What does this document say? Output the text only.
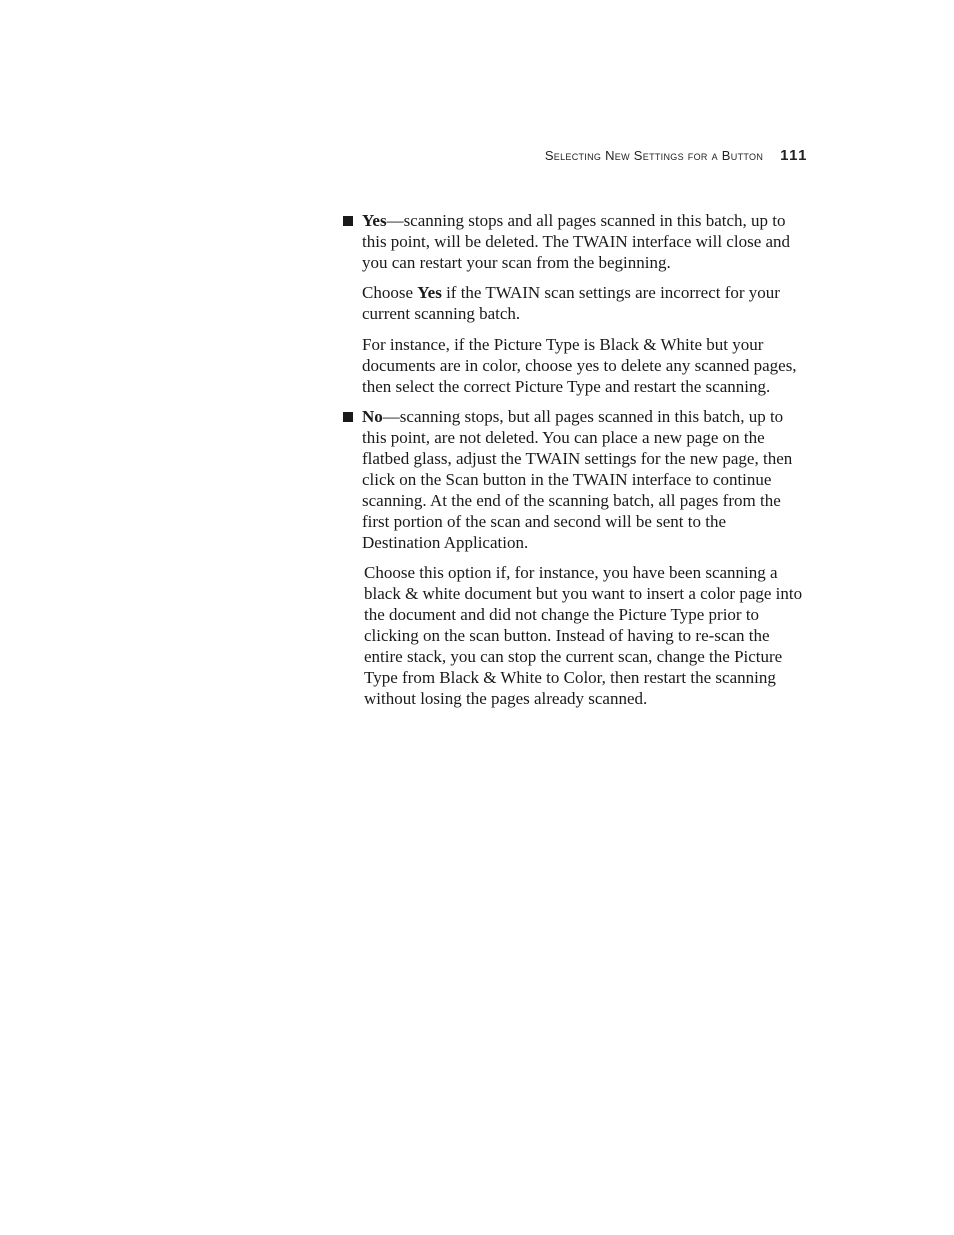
Selecting New Settings for a Button 111
Yes—scanning stops and all pages scanned in this batch, up to this point, will be deleted. The TWAIN interface will close and you can restart your scan from the beginning.

Choose Yes if the TWAIN scan settings are incorrect for your current scanning batch.

For instance, if the Picture Type is Black & White but your documents are in color, choose yes to delete any scanned pages, then select the correct Picture Type and restart the scanning.

No—scanning stops, but all pages scanned in this batch, up to this point, are not deleted. You can place a new page on the flatbed glass, adjust the TWAIN settings for the new page, then click on the Scan button in the TWAIN interface to continue scanning. At the end of the scanning batch, all pages from the first portion of the scan and second will be sent to the Destination Application.

Choose this option if, for instance, you have been scanning a black & white document but you want to insert a color page into the document and did not change the Picture Type prior to clicking on the scan button. Instead of having to re-scan the entire stack, you can stop the current scan, change the Picture Type from Black & White to Color, then restart the scanning without losing the pages already scanned.
